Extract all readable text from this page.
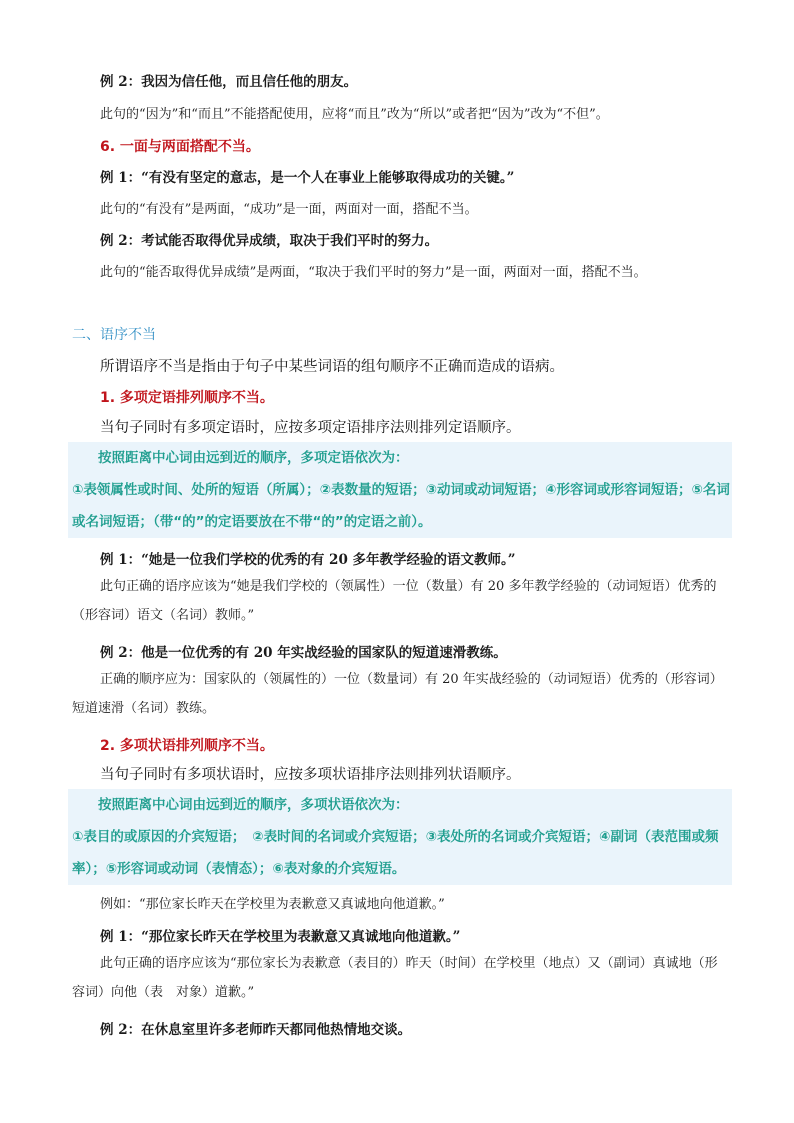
例 2：我因为信任他，而且信任他的朋友。

此句的“因为”和“而且”不能搭配使用，应将“而且”改为“所以”或者把“因为”改为“不但”。

6. 一面与两面搭配不当。

例 1：“有没有坚定的意志，是一个人在事业上能够取得成功的关键。”

此句的“有没有”是两面，“成功”是一面，两面对一面，搭配不当。

例 2：考试能否取得优异成绩，取决于我们平时的努力。

此句的“能否取得优异成绩”是两面，“取决于我们平时的努力”是一面，两面对一面，搭配不当。

二、语序不当

所谓语序不当是指由于句子中某些词语的组句顺序不正确而造成的语病。

1. 多项定语排列顺序不当。

当句子同时有多项定语时，应按多项定语排序法则排列定语顺序。

按照距离中心词由远到近的顺序，多项定语依次为：

①表领属性或时间、处所的短语（所属）；②表数量的短语；③动词或动词短语；④形容词或形容词短语；⑤名词或名词短语；（带“的”的定语要放在不带“的”的定语之前）。

例 1：“她是一位我们学校的优秀的有 20 多年教学经验的语文教师。”

此句正确的语序应该为“她是我们学校的（领属性）一位（数量）有 20 多年教学经验的（动词短语）优秀的（形容词）语文（名词）教师。”

例 2：他是一位优秀的有 20 年实战经验的国家队的短道速滑教练。

正确的顺序应为：国家队的（领属性的）一位（数量词）有 20 年实战经验的（动词短语）优秀的（形容词）短道速滑（名词）教练。

2. 多项状语排列顺序不当。

当句子同时有多项状语时，应按多项状语排序法则排列状语顺序。

按照距离中心词由远到近的顺序，多项状语依次为：

①表目的或原因的介宾短语；　②表时间的名词或介宾短语；③表处所的名词或介宾短语；④副词（表范围或频率）；⑤形容词或动词（表情态）；⑥表对象的介宾短语。

例如：“那位家长昨天在学校里为表歉意又真诚地向他道歉。”

例 1：“那位家长昨天在学校里为表歉意又真诚地向他道歉。”

此句正确的语序应该为“那位家长为表歉意（表目的）昨天（时间）在学校里（地点）又（副词）真诚地（形容词）向他（表　对象）道歉。”

例 2：在休息室里许多老师昨天都同他热情地交谈。
